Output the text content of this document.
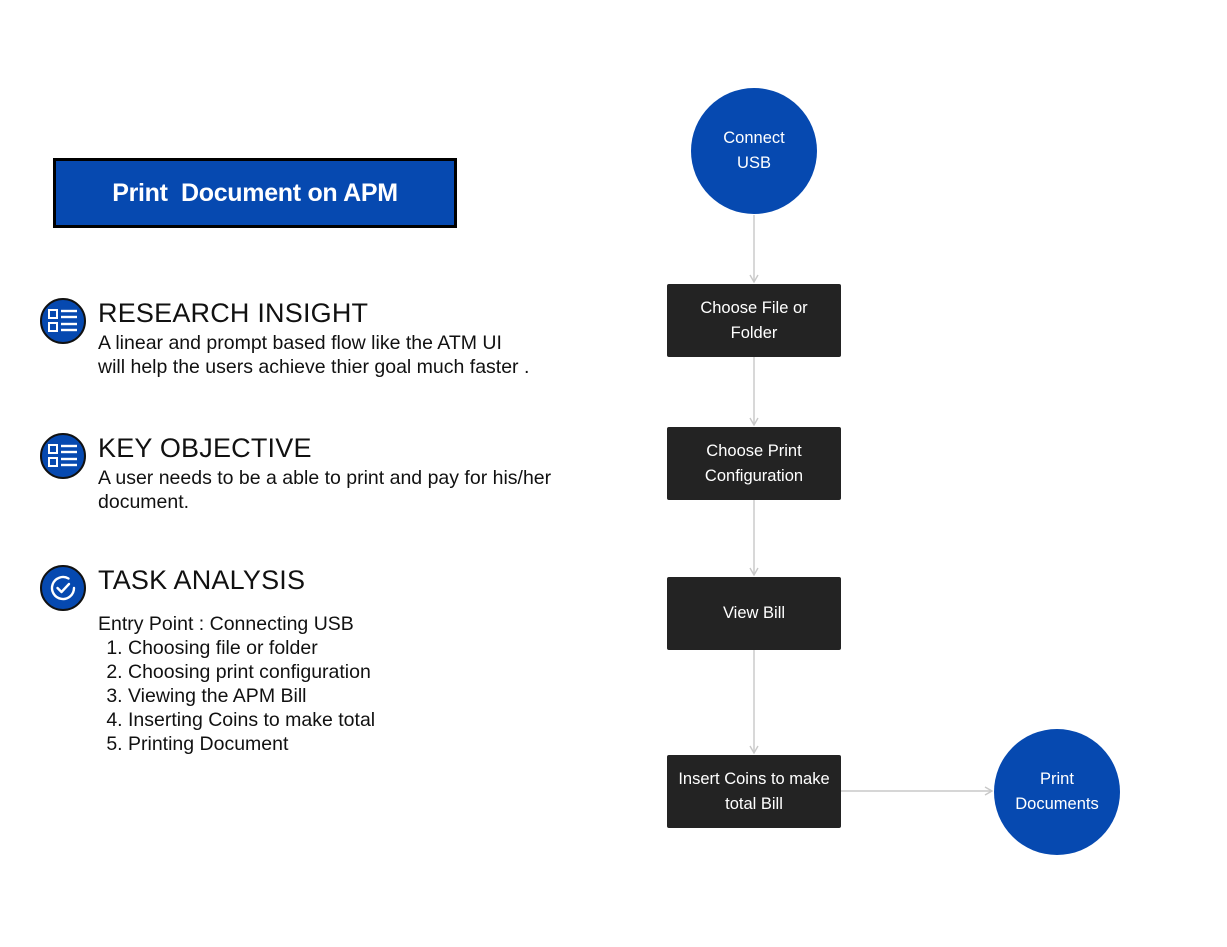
Print  Document on APM
RESEARCH INSIGHT
A linear and prompt based flow like the ATM UI
will help the users achieve thier goal much faster .
KEY OBJECTIVE
A user needs to be a able to print and pay for his/her
document.
TASK ANALYSIS
Entry Point : Connecting USB
1. Choosing file or folder
2. Choosing print configuration
3. Viewing the APM Bill
4. Inserting Coins to make total
5. Printing Document
Connect
USB
Choose File or
Folder
Choose Print
Configuration
View Bill
Insert Coins to make
total Bill
Print
Documents
